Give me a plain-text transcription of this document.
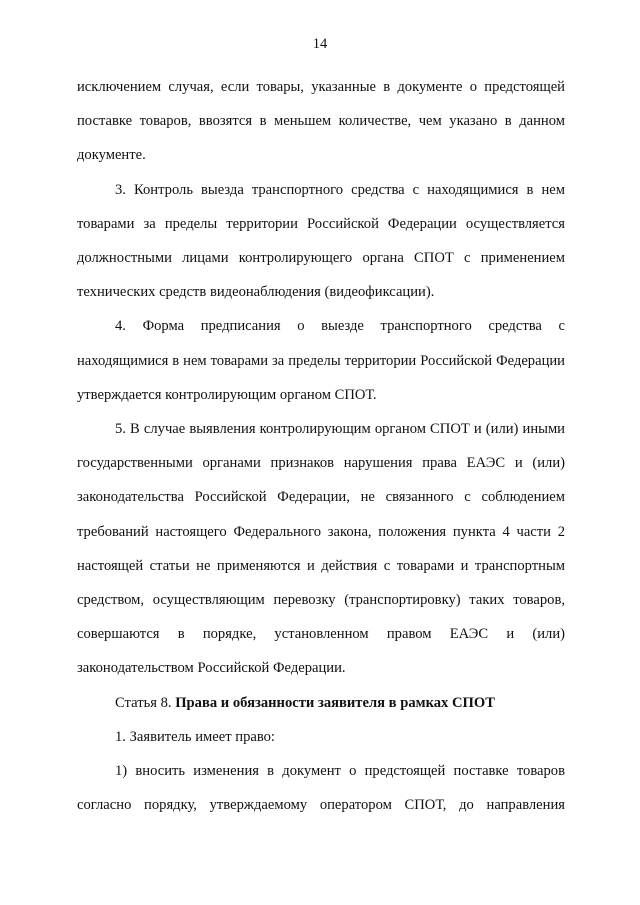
14

исключением случая, если товары, указанные в документе о предстоящей поставке товаров, ввозятся в меньшем количестве, чем указано в данном документе.

3. Контроль выезда транспортного средства с находящимися в нем товарами за пределы территории Российской Федерации осуществляется должностными лицами контролирующего органа СПОТ с применением технических средств видеонаблюдения (видеофиксации).

4. Форма предписания о выезде транспортного средства с находящимися в нем товарами за пределы территории Российской Федерации утверждается контролирующим органом СПОТ.

5. В случае выявления контролирующим органом СПОТ и (или) иными государственными органами признаков нарушения права ЕАЭС и (или) законодательства Российской Федерации, не связанного с соблюдением требований настоящего Федерального закона, положения пункта 4 части 2 настоящей статьи не применяются и действия с товарами и транспортным средством, осуществляющим перевозку (транспортировку) таких товаров, совершаются в порядке, установленном правом ЕАЭС и (или) законодательством Российской Федерации.

Статья 8. Права и обязанности заявителя в рамках СПОТ

1. Заявитель имеет право:

1) вносить изменения в документ о предстоящей поставке товаров согласно порядку, утверждаемому оператором СПОТ, до направления
